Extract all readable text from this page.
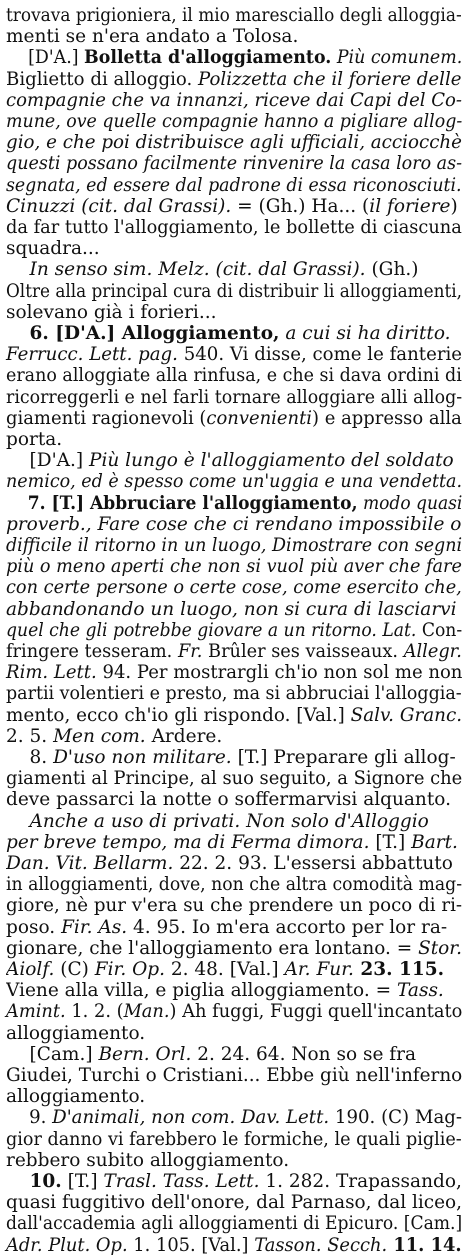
trovava prigioniera, il mio maresciallo degli alloggia-
menti se n'era andato a Tolosa.
[D'A.] Bolletta d'alloggiamento. Più comunem.
Biglietto di alloggio. Polizzetta che il foriere delle
compagnie che va innanzi, riceve dai Capi del Co-
mune, ove quelle compagnie hanno a pigliare allog-
gio, e che poi distribuisce agli ufficiali, acciocchè
questi possano facilmente rinvenire la casa loro as-
segnata, ed essere dal padrone di essa riconosciuti.
Cinuzzi (cit. dal Grassi). = (Gh.) Ha... (il foriere)
da far tutto l'alloggiamento, le bollette di ciascuna
squadra...
In senso sim. Melz. (cit. dal Grassi). (Gh.)
Oltre alla principal cura di distribuir li alloggiamenti,
solevano già i forieri...
6. [D'A.] Alloggiamento, a cui si ha diritto.
Ferrucc. Lett. pag. 540. Vi disse, come le fanterie
erano alloggiate alla rinfusa, e che si dava ordini di
ricorreggerli e nel farli tornare alloggiare alli allog-
giamenti ragionevoli (convenienti) e appresso alla
porta.
[D'A.] Più lungo è l'alloggiamento del soldato
nemico, ed è spesso come un'uggia e una vendetta.
7. [T.] Abbruciare l'alloggiamento, modo quasi
proverb., Fare cose che ci rendano impossibile o
difficile il ritorno in un luogo, Dimostrare con segni
più o meno aperti che non si vuol più aver che fare
con certe persone o certe cose, come esercito che,
abbandonando un luogo, non si cura di lasciarvi
quel che gli potrebbe giovare a un ritorno. Lat. Con-
fringere tesseram. Fr. Brûler ses vaisseaux. Allegr.
Rim. Lett. 94. Per mostrargli ch'io non sol me non
partii volentieri e presto, ma si abbruciai l'alloggia-
mento, ecco ch'io gli rispondo. [Val.] Salv. Granc.
2. 5. Men com. Ardere.
8. D'uso non militare. [T.] Preparare gli allog-
giamenti al Principe, al suo seguito, a Signore che
deve passarci la notte o soffermarvisi alquanto.
Anche a uso di privati. Non solo d'Alloggio
per breve tempo, ma di Ferma dimora. [T.] Bart.
Dan. Vit. Bellarm. 22. 2. 93. L'essersi abbattuto
in alloggiamenti, dove, non che altra comodità mag-
giore, nè pur v'era su che prendere un poco di ri-
poso. Fir. As. 4. 95. Io m'era accorto per lor ra-
gionare, che l'alloggiamento era lontano. = Stor.
Aiolf. (C) Fir. Op. 2. 48. [Val.] Ar. Fur. 23. 115.
Viene alla villa, e piglia alloggiamento. = Tass.
Amint. 1. 2. (Man.) Ah fuggi, Fuggi quell'incantato
alloggiamento.
[Cam.] Bern. Orl. 2. 24. 64. Non so se fra
Giudei, Turchi o Cristiani... Ebbe giù nell'inferno
alloggiamento.
9. D'animali, non com. Dav. Lett. 190. (C) Mag-
gior danno vi farebbero le formiche, le quali piglie-
rebbero subito alloggiamento.
10. [T.] Trasl. Tass. Lett. 1. 282. Trapassando,
quasi fuggitivo dell'onore, dal Parnaso, dal liceo,
dall'accademia agli alloggiamenti di Epicuro. [Cam.]
Adr. Plut. Op. 1. 105. [Val.] Tasson. Secch. 11. 14.
